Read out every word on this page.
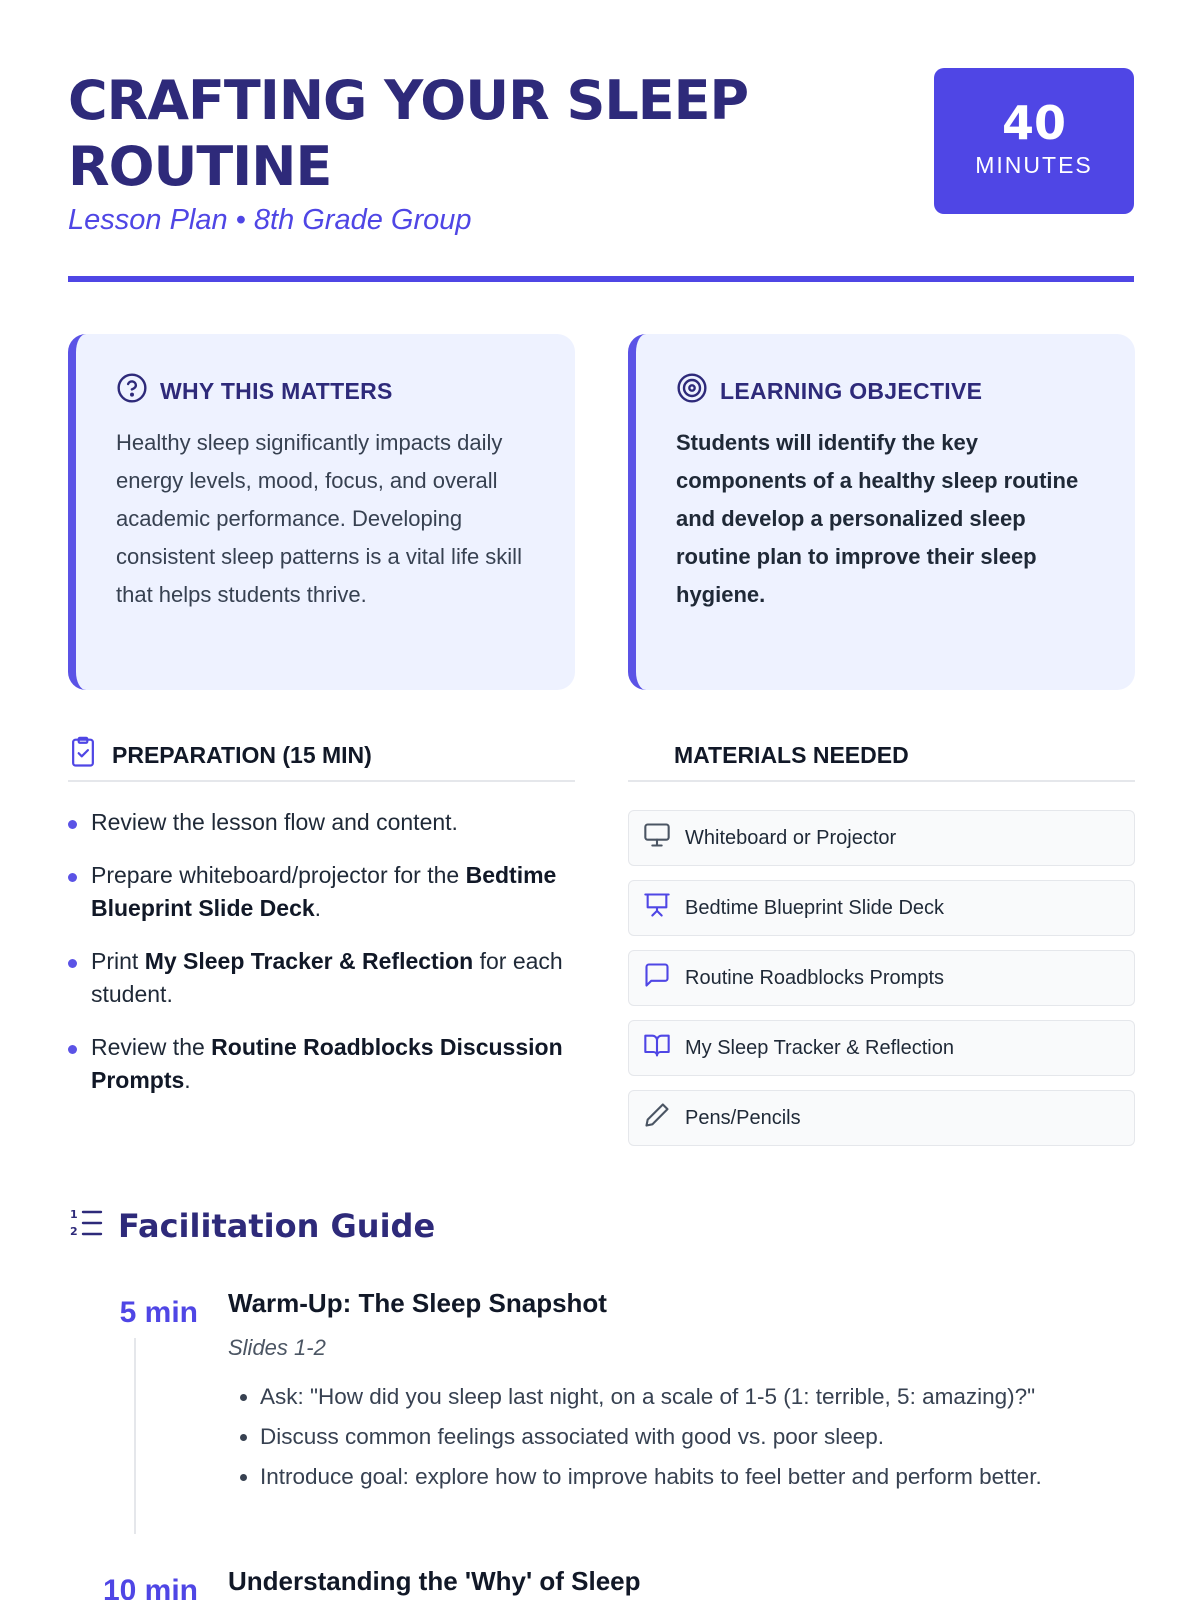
CRAFTING YOUR SLEEP ROUTINE
Lesson Plan • 8th Grade Group
40
MINUTES
WHY THIS MATTERS

Healthy sleep significantly impacts daily energy levels, mood, focus, and overall academic performance. Developing consistent sleep patterns is a vital life skill that helps students thrive.

LEARNING OBJECTIVE

Students will identify the key components of a healthy sleep routine and develop a personalized sleep routine plan to improve their sleep hygiene.

PREPARATION (15 MIN)
Review the lesson flow and content.
Prepare whiteboard/projector for the Bedtime Blueprint Slide Deck.
Print My Sleep Tracker & Reflection for each student.
Review the Routine Roadblocks Discussion Prompts.
MATERIALS NEEDED
Whiteboard or Projector
Bedtime Blueprint Slide Deck
Routine Roadblocks Prompts
My Sleep Tracker & Reflection
Pens/Pencils
1
2 Facilitation Guide
5 min Warm-Up: The Sleep Snapshot
Slides 1-2
• Ask: "How did you sleep last night, on a scale of 1-5 (1: terrible, 5: amazing)?"
• Discuss common feelings associated with good vs. poor sleep.
• Introduce goal: explore how to improve habits to feel better and perform better.
10 min Understanding the 'Why' of Sleep
